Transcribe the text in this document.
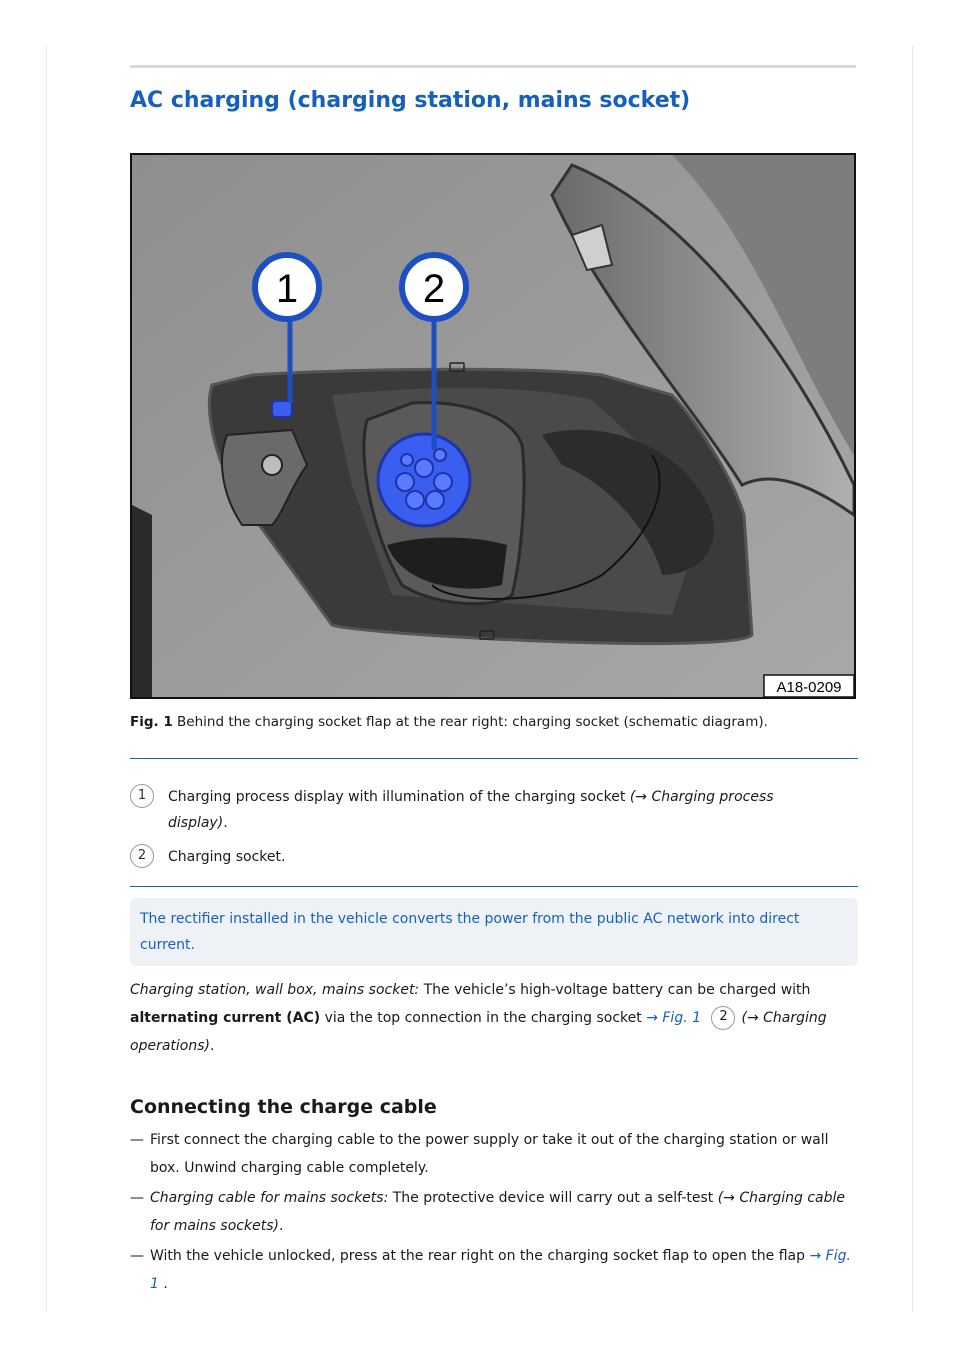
AC charging (charging station, mains socket)
1	2
A18-0209
Fig. 1 Behind the charging socket flap at the rear right: charging socket (schematic diagram).
1	Charging process display with illumination of the charging socket (→ Charging process display).
2	Charging socket.
The rectifier installed in the vehicle converts the power from the public AC network into direct current.
Charging station, wall box, mains socket: The vehicle’s high-voltage battery can be charged with alternating current (AC) via the top connection in the charging socket → Fig. 1 2 (→ Charging operations).
Connecting the charge cable
— First connect the charging cable to the power supply or take it out of the charging station or wall box. Unwind charging cable completely.
— Charging cable for mains sockets: The protective device will carry out a self-test (→ Charging cable for mains sockets).
— With the vehicle unlocked, press at the rear right on the charging socket flap to open the flap → Fig. 1 .
